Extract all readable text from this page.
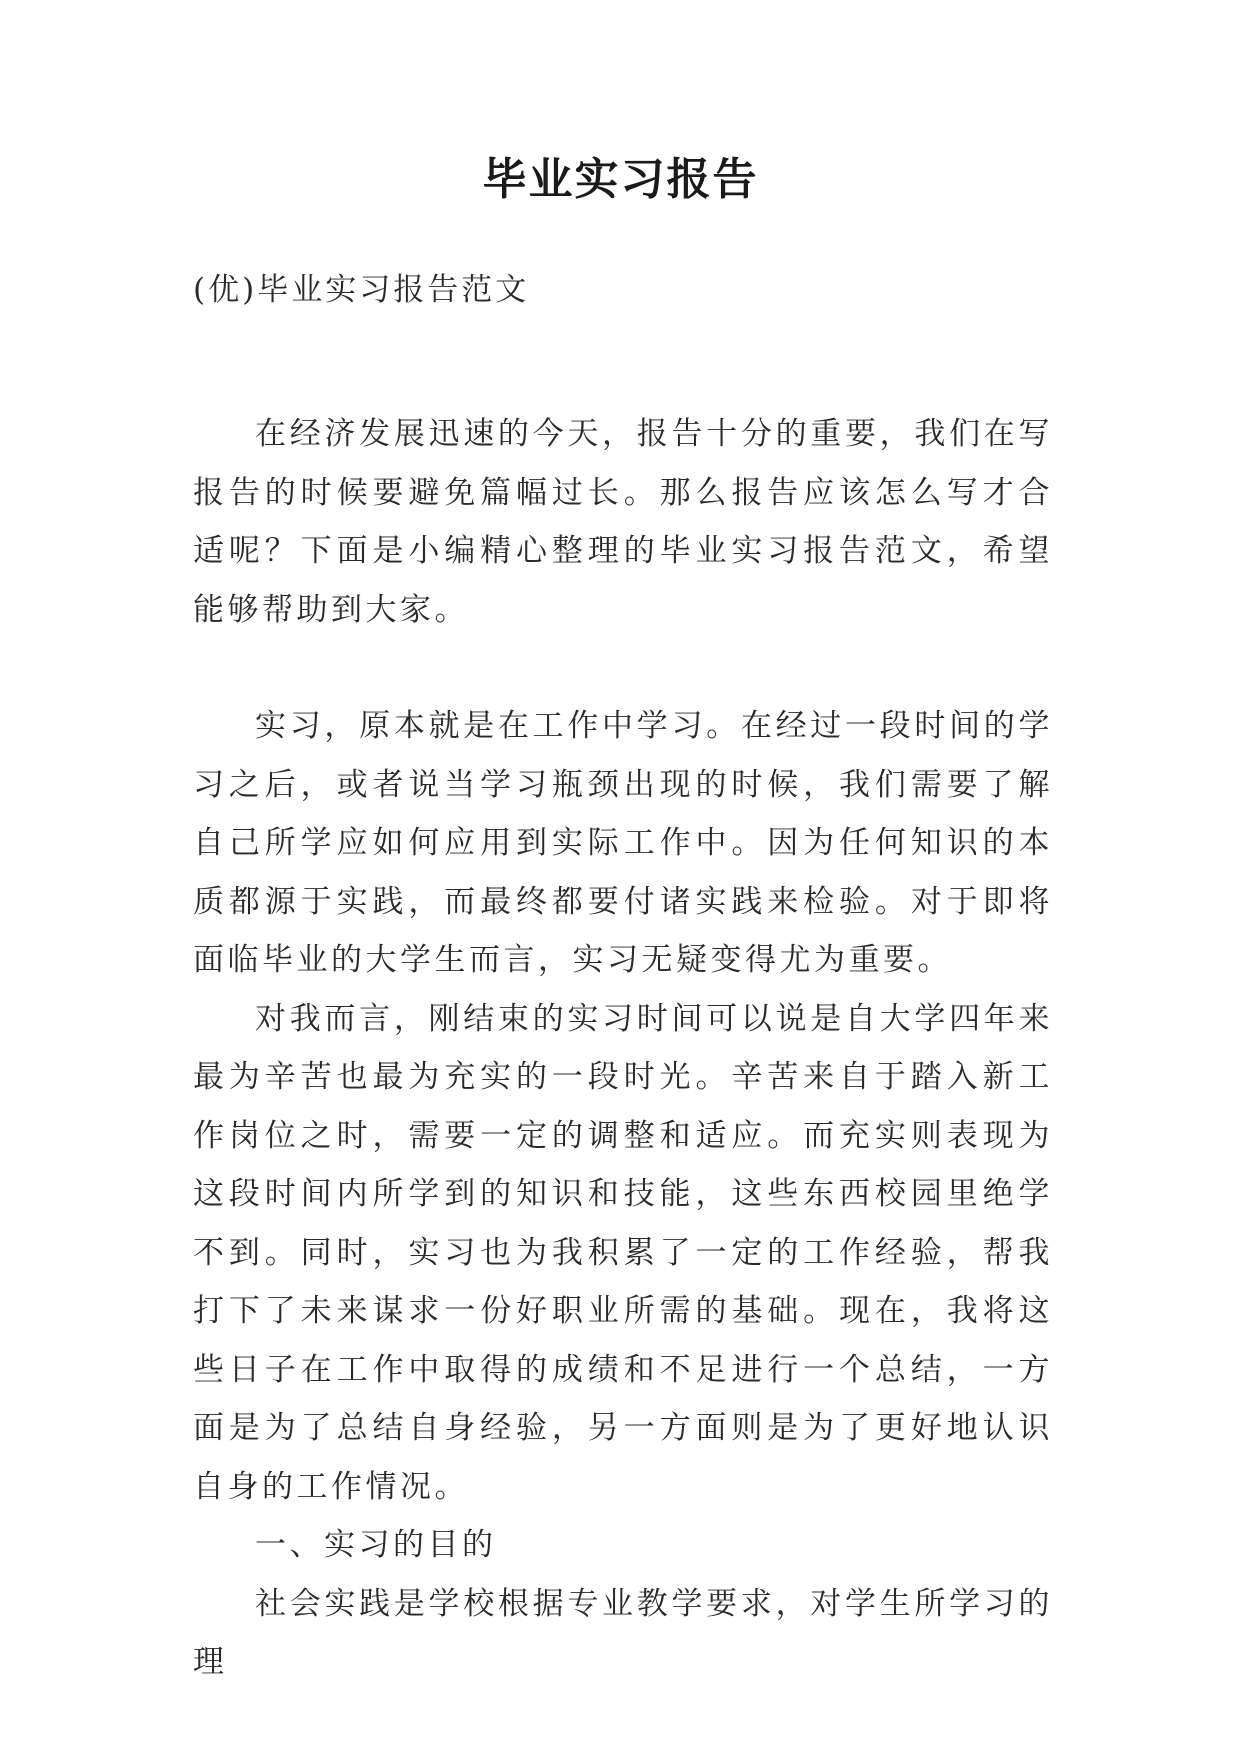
毕业实习报告
(优)毕业实习报告范文

在经济发展迅速的今天，报告十分的重要，我们在写报告的时候要避免篇幅过长。那么报告应该怎么写才合适呢？下面是小编精心整理的毕业实习报告范文，希望能够帮助到大家。

实习，原本就是在工作中学习。在经过一段时间的学习之后，或者说当学习瓶颈出现的时候，我们需要了解自己所学应如何应用到实际工作中。因为任何知识的本质都源于实践，而最终都要付诸实践来检验。对于即将面临毕业的大学生而言，实习无疑变得尤为重要。

对我而言，刚结束的实习时间可以说是自大学四年来最为辛苦也最为充实的一段时光。辛苦来自于踏入新工作岗位之时，需要一定的调整和适应。而充实则表现为这段时间内所学到的知识和技能，这些东西校园里绝学不到。同时，实习也为我积累了一定的工作经验，帮我打下了未来谋求一份好职业所需的基础。现在，我将这些日子在工作中取得的成绩和不足进行一个总结，一方面是为了总结自身经验，另一方面则是为了更好地认识自身的工作情况。

一、实习的目的

社会实践是学校根据专业教学要求，对学生所学习的理
